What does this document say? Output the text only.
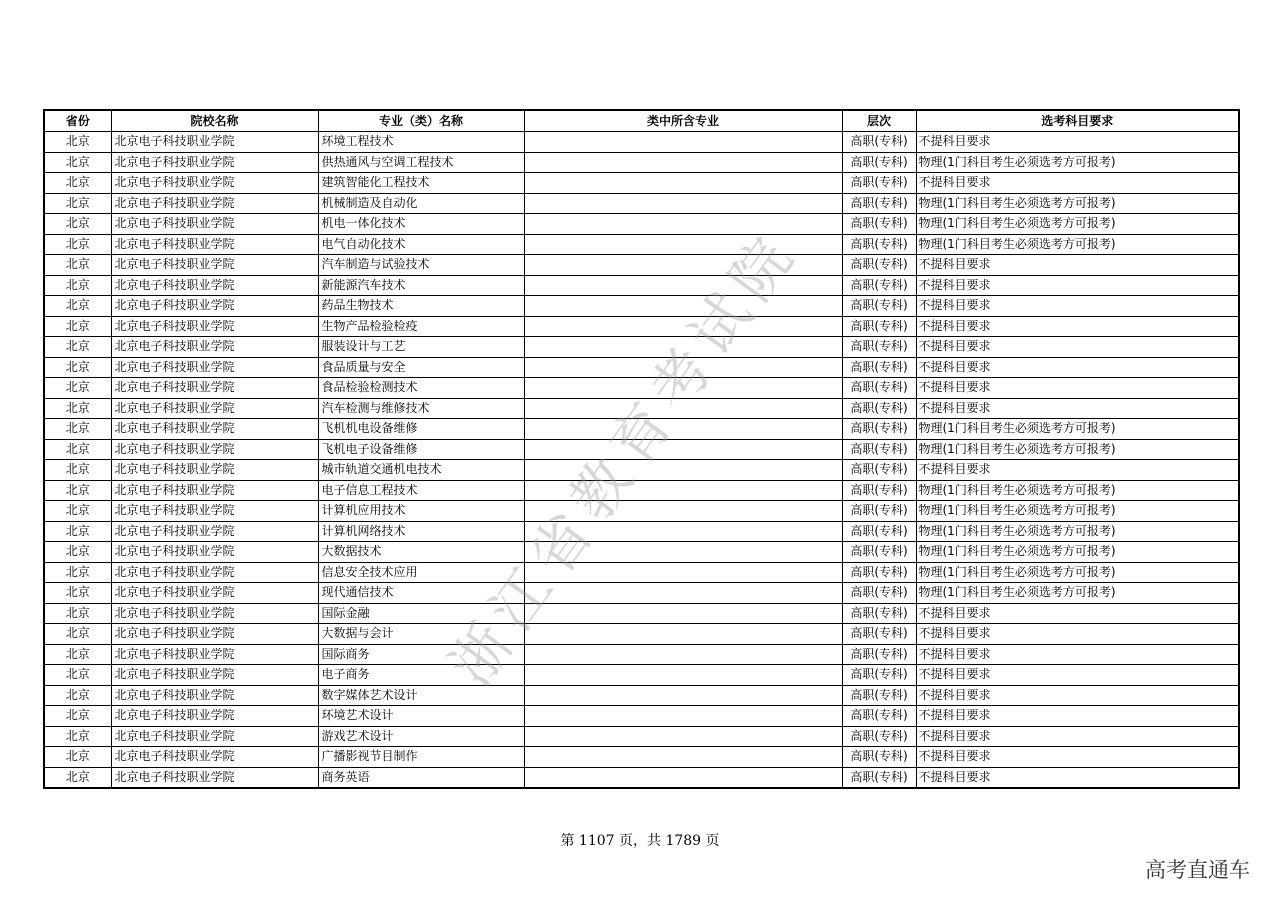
省份	院校名称	专业（类）名称	类中所含专业	层次	选考科目要求
北京	北京电子科技职业学院	环境工程技术		高职(专科)	不提科目要求
北京	北京电子科技职业学院	供热通风与空调工程技术		高职(专科)	物理(1门科目考生必须选考方可报考)
北京	北京电子科技职业学院	建筑智能化工程技术		高职(专科)	不提科目要求
北京	北京电子科技职业学院	机械制造及自动化		高职(专科)	物理(1门科目考生必须选考方可报考)
北京	北京电子科技职业学院	机电一体化技术		高职(专科)	物理(1门科目考生必须选考方可报考)
北京	北京电子科技职业学院	电气自动化技术		高职(专科)	物理(1门科目考生必须选考方可报考)
北京	北京电子科技职业学院	汽车制造与试验技术		高职(专科)	不提科目要求
北京	北京电子科技职业学院	新能源汽车技术		高职(专科)	不提科目要求
北京	北京电子科技职业学院	药品生物技术		高职(专科)	不提科目要求
北京	北京电子科技职业学院	生物产品检验检疫		高职(专科)	不提科目要求
北京	北京电子科技职业学院	服装设计与工艺		高职(专科)	不提科目要求
北京	北京电子科技职业学院	食品质量与安全		高职(专科)	不提科目要求
北京	北京电子科技职业学院	食品检验检测技术		高职(专科)	不提科目要求
北京	北京电子科技职业学院	汽车检测与维修技术		高职(专科)	不提科目要求
北京	北京电子科技职业学院	飞机机电设备维修		高职(专科)	物理(1门科目考生必须选考方可报考)
北京	北京电子科技职业学院	飞机电子设备维修		高职(专科)	物理(1门科目考生必须选考方可报考)
北京	北京电子科技职业学院	城市轨道交通机电技术		高职(专科)	不提科目要求
北京	北京电子科技职业学院	电子信息工程技术		高职(专科)	物理(1门科目考生必须选考方可报考)
北京	北京电子科技职业学院	计算机应用技术		高职(专科)	物理(1门科目考生必须选考方可报考)
北京	北京电子科技职业学院	计算机网络技术		高职(专科)	物理(1门科目考生必须选考方可报考)
北京	北京电子科技职业学院	大数据技术		高职(专科)	物理(1门科目考生必须选考方可报考)
北京	北京电子科技职业学院	信息安全技术应用		高职(专科)	物理(1门科目考生必须选考方可报考)
北京	北京电子科技职业学院	现代通信技术		高职(专科)	物理(1门科目考生必须选考方可报考)
北京	北京电子科技职业学院	国际金融		高职(专科)	不提科目要求
北京	北京电子科技职业学院	大数据与会计		高职(专科)	不提科目要求
北京	北京电子科技职业学院	国际商务		高职(专科)	不提科目要求
北京	北京电子科技职业学院	电子商务		高职(专科)	不提科目要求
北京	北京电子科技职业学院	数字媒体艺术设计		高职(专科)	不提科目要求
北京	北京电子科技职业学院	环境艺术设计		高职(专科)	不提科目要求
北京	北京电子科技职业学院	游戏艺术设计		高职(专科)	不提科目要求
北京	北京电子科技职业学院	广播影视节目制作		高职(专科)	不提科目要求
北京	北京电子科技职业学院	商务英语		高职(专科)	不提科目要求
浙江省教育考试院
第 1107 页，共 1789 页
高考直通车
